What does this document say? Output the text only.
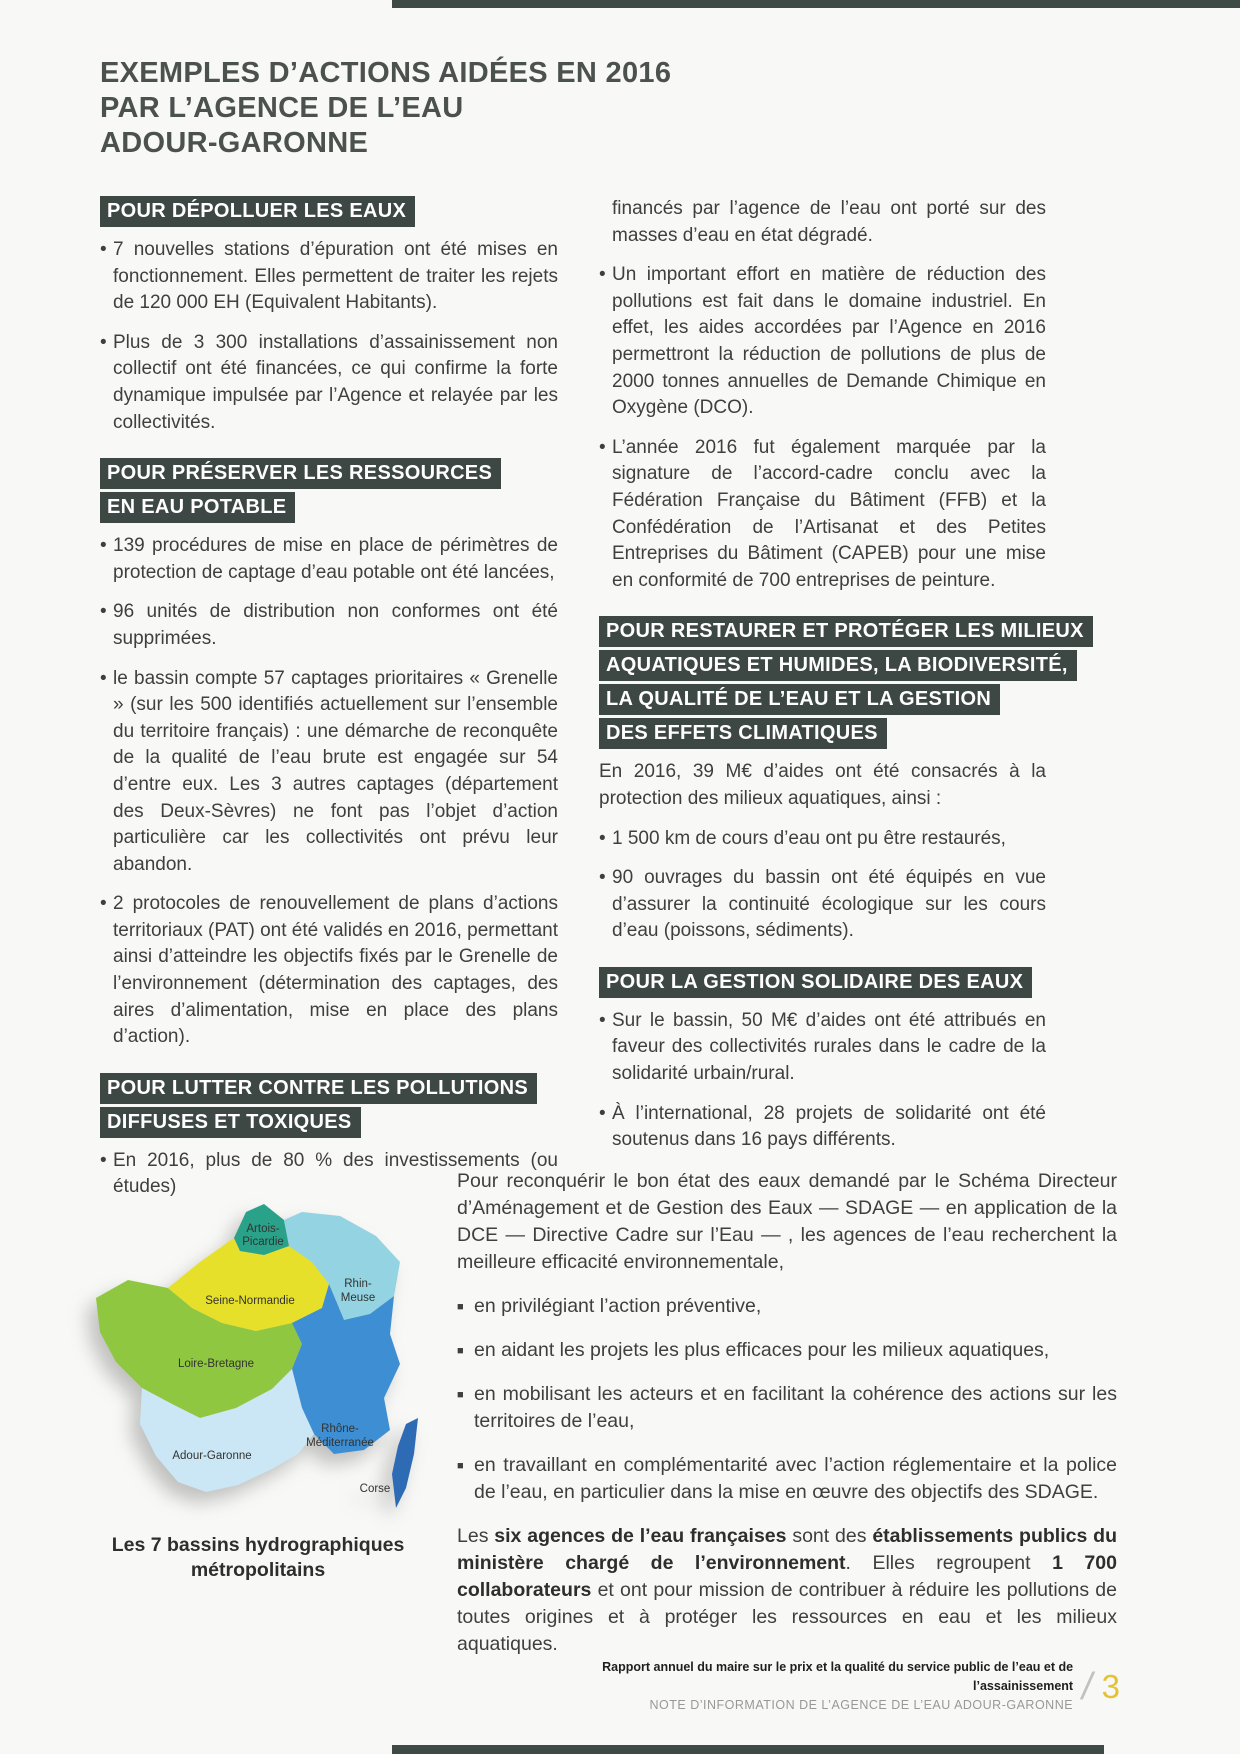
EXEMPLES D’ACTIONS AIDÉES EN 2016
PAR L’AGENCE DE L’EAU
ADOUR-GARONNE
POUR DÉPOLLUER LES EAUX
• 7 nouvelles stations d’épuration ont été mises en fonctionnement. Elles permettent de traiter les rejets de 120 000 EH (Equivalent Habitants).
• Plus de 3 300 installations d’assainissement non collectif ont été financées, ce qui confirme la forte dynamique impulsée par l’Agence et relayée par les collectivités.
POUR PRÉSERVER LES RESSOURCES
EN EAU POTABLE
• 139 procédures de mise en place de périmètres de protection de captage d’eau potable ont été lancées,
• 96 unités de distribution non conformes ont été supprimées.
• le bassin compte 57 captages prioritaires « Grenelle » (sur les 500 identifiés actuellement sur l’ensemble du territoire français) : une démarche de reconquête de la qualité de l’eau brute est engagée sur 54 d’entre eux. Les 3 autres captages (département des Deux-Sèvres) ne font pas l’objet d’action particulière car les collectivités ont prévu leur abandon.
• 2 protocoles de renouvellement de plans d’actions territoriaux (PAT) ont été validés en 2016, permettant ainsi d’atteindre les objectifs fixés par le Grenelle de l’environnement (détermination des captages, des aires d’alimentation, mise en place des plans d’action).
POUR LUTTER CONTRE LES POLLUTIONS
DIFFUSES ET TOXIQUES
• En 2016, plus de 80 % des investissements (ou études)

financés par l’agence de l’eau ont porté sur des masses d’eau en état dégradé.

• Un important effort en matière de réduction des pollutions est fait dans le domaine industriel. En effet, les aides accordées par l’Agence en 2016 permettront la réduction de pollutions de plus de 2000 tonnes annuelles de Demande Chimique en Oxygène (DCO).
• L’année 2016 fut également marquée par la signature de l’accord-cadre conclu avec la Fédération Française du Bâtiment (FFB) et la Confédération de l’Artisanat et des Petites Entreprises du Bâtiment (CAPEB) pour une mise en conformité de 700 entreprises de peinture.
POUR RESTAURER ET PROTÉGER LES MILIEUX
AQUATIQUES ET HUMIDES, LA BIODIVERSITÉ,
LA QUALITÉ DE L’EAU ET LA GESTION
DES EFFETS CLIMATIQUES

En 2016, 39 M€ d’aides ont été consacrés à la protection des milieux aquatiques, ainsi :

• 1 500 km de cours d’eau ont pu être restaurés,
• 90 ouvrages du bassin ont été équipés en vue d’assurer la continuité écologique sur les cours d’eau (poissons, sédiments).
POUR LA GESTION SOLIDAIRE DES EAUX
• Sur le bassin, 50 M€ d’aides ont été attribués en faveur des collectivités rurales dans le cadre de la solidarité urbain/rural.
• À l’international, 28 projets de solidarité ont été soutenus dans 16 pays différents.
Artois-
Picardie
Seine-Normandie
Rhin-
Meuse
Loire-Bretagne
Rhône-
Méditerranée
Adour-Garonne
Corse
Les 7 bassins hydrographiques
métropolitains

Pour reconquérir le bon état des eaux demandé par le Schéma Directeur d’Aménagement et de Gestion des Eaux — SDAGE — en application de la DCE — Directive Cadre sur l’Eau — , les agences de l’eau recherchent la meilleure efficacité environnementale,

■ en privilégiant l’action préventive,
■ en aidant les projets les plus efficaces pour les milieux aquatiques,
■ en mobilisant les acteurs et en facilitant la cohérence des actions sur les territoires de l’eau,
■ en travaillant en complémentarité avec l’action réglementaire et la police de l’eau, en particulier dans la mise en œuvre des objectifs des SDAGE.

Les six agences de l’eau françaises sont des établissements publics du ministère chargé de l’environnement. Elles regroupent 1 700 collaborateurs et ont pour mission de contribuer à réduire les pollutions de toutes origines et à protéger les ressources en eau et les milieux aquatiques.

Rapport annuel du maire sur le prix et la qualité du service public de l’eau et de l’assainissement
NOTE D’INFORMATION DE L’AGENCE DE L’EAU ADOUR-GARONNE / 3
